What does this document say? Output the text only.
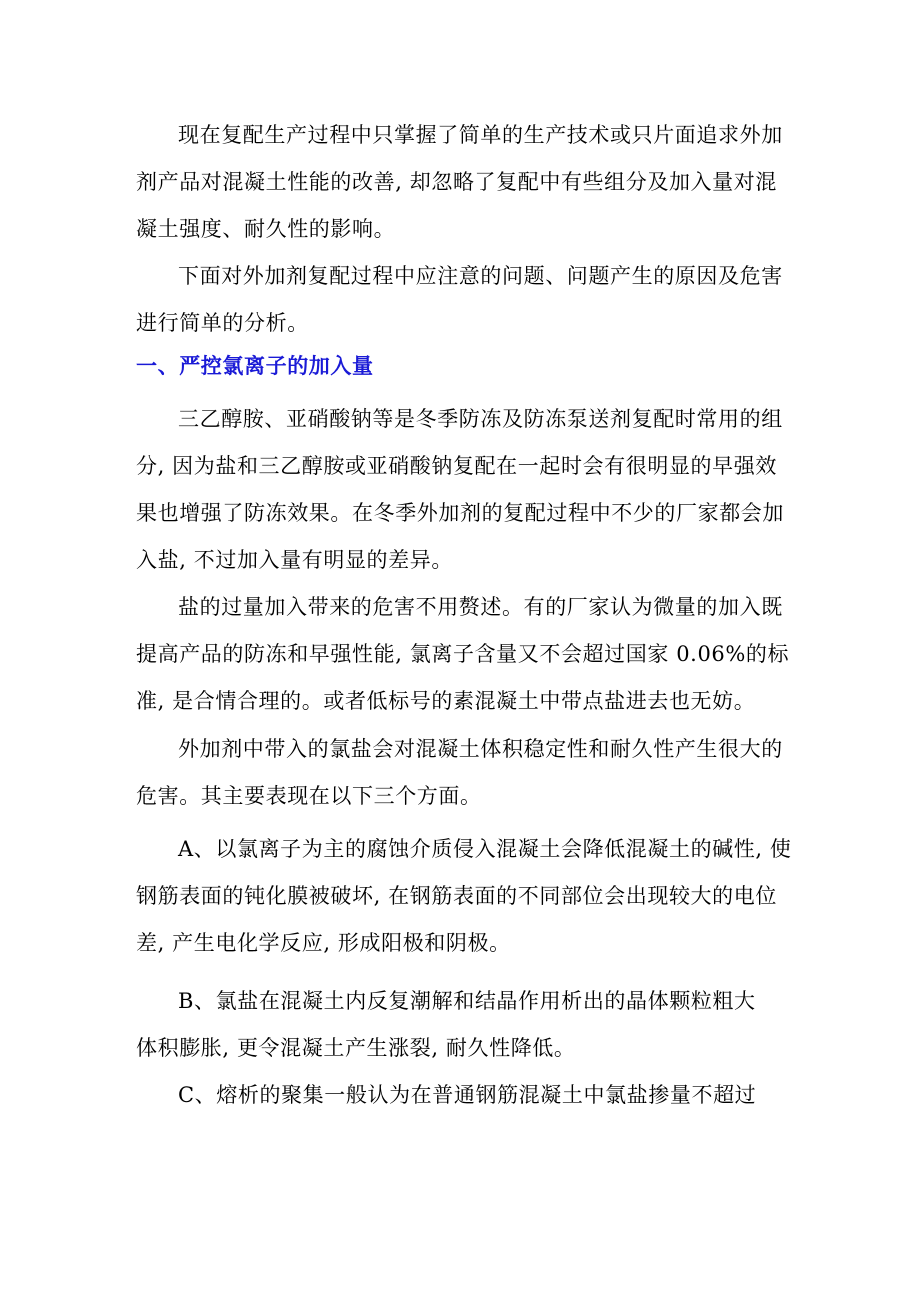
现在复配生产过程中只掌握了简单的生产技术或只片面追求外加
剂产品对混凝土性能的改善, 却忽略了复配中有些组分及加入量对混
凝土强度、耐久性的影响。
下面对外加剂复配过程中应注意的问题、问题产生的原因及危害
进行简单的分析。
一、严控氯离子的加入量
三乙醇胺、亚硝酸钠等是冬季防冻及防冻泵送剂复配时常用的组
分, 因为盐和三乙醇胺或亚硝酸钠复配在一起时会有很明显的早强效
果也增强了防冻效果。在冬季外加剂的复配过程中不少的厂家都会加
入盐, 不过加入量有明显的差异。
盐的过量加入带来的危害不用赘述。有的厂家认为微量的加入既
提高产品的防冻和早强性能, 氯离子含量又不会超过国家 0.06%的标
准, 是合情合理的。或者低标号的素混凝土中带点盐进去也无妨。
外加剂中带入的氯盐会对混凝土体积稳定性和耐久性产生很大的
危害。其主要表现在以下三个方面。
A、以氯离子为主的腐蚀介质侵入混凝土会降低混凝土的碱性, 使
钢筋表面的钝化膜被破坏, 在钢筋表面的不同部位会出现较大的电位
差, 产生电化学反应, 形成阳极和阴极。
B、氯盐在混凝土内反复潮解和结晶作用析出的晶体颗粒粗大
体积膨胀, 更令混凝土产生涨裂, 耐久性降低。
C、熔析的聚集一般认为在普通钢筋混凝土中氯盐掺量不超过
